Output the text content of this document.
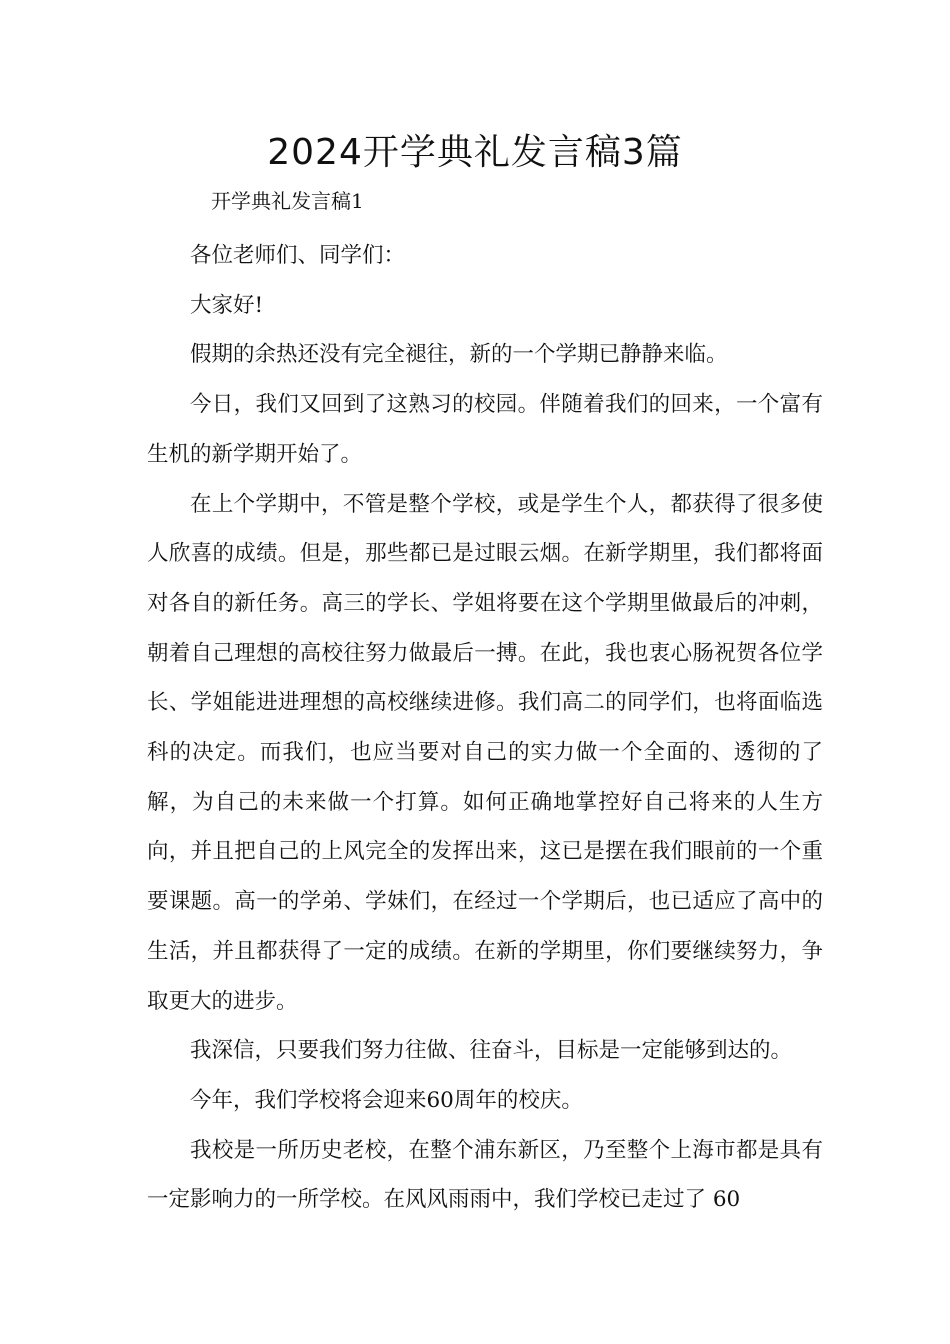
2024开学典礼发言稿3篇

开学典礼发言稿1

各位老师们、同学们：

大家好!

假期的余热还没有完全褪往，新的一个学期已静静来临。

今日，我们又回到了这熟习的校园。伴随着我们的回来，一个富有生机的新学期开始了。

在上个学期中，不管是整个学校，或是学生个人，都获得了很多使人欣喜的成绩。但是，那些都已是过眼云烟。在新学期里，我们都将面对各自的新任务。高三的学长、学姐将要在这个学期里做最后的冲刺，朝着自己理想的高校往努力做最后一搏。在此，我也衷心肠祝贺各位学长、学姐能进进理想的高校继续进修。我们高二的同学们，也将面临选科的决定。而我们，也应当要对自己的实力做一个全面的、透彻的了解，为自己的未来做一个打算。如何正确地掌控好自己将来的人生方向，并且把自己的上风完全的发挥出来，这已是摆在我们眼前的一个重要课题。高一的学弟、学妹们，在经过一个学期后，也已适应了高中的生活，并且都获得了一定的成绩。在新的学期里，你们要继续努力，争取更大的进步。

我深信，只要我们努力往做、往奋斗，目标是一定能够到达的。

今年，我们学校将会迎来60周年的校庆。

我校是一所历史老校，在整个浦东新区，乃至整个上海市都是具有一定影响力的一所学校。在风风雨雨中，我们学校已走过了 60
